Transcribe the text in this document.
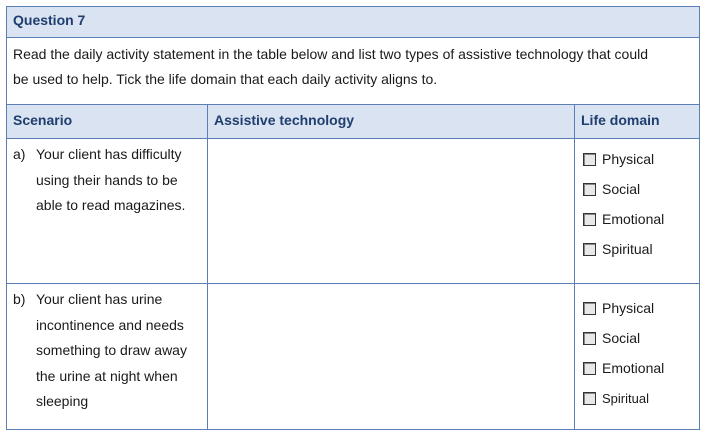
Question 7
Read the daily activity statement in the table below and list two types of assistive technology that could
be used to help. Tick the life domain that each daily activity aligns to.
Scenario	Assistive technology	Life domain
a) Your client has difficulty
using their hands to be
able to read magazines.
Physical
Social
Emotional
Spiritual
b) Your client has urine
incontinence and needs
something to draw away
the urine at night when
sleeping
Physical
Social
Emotional
Spiritual
